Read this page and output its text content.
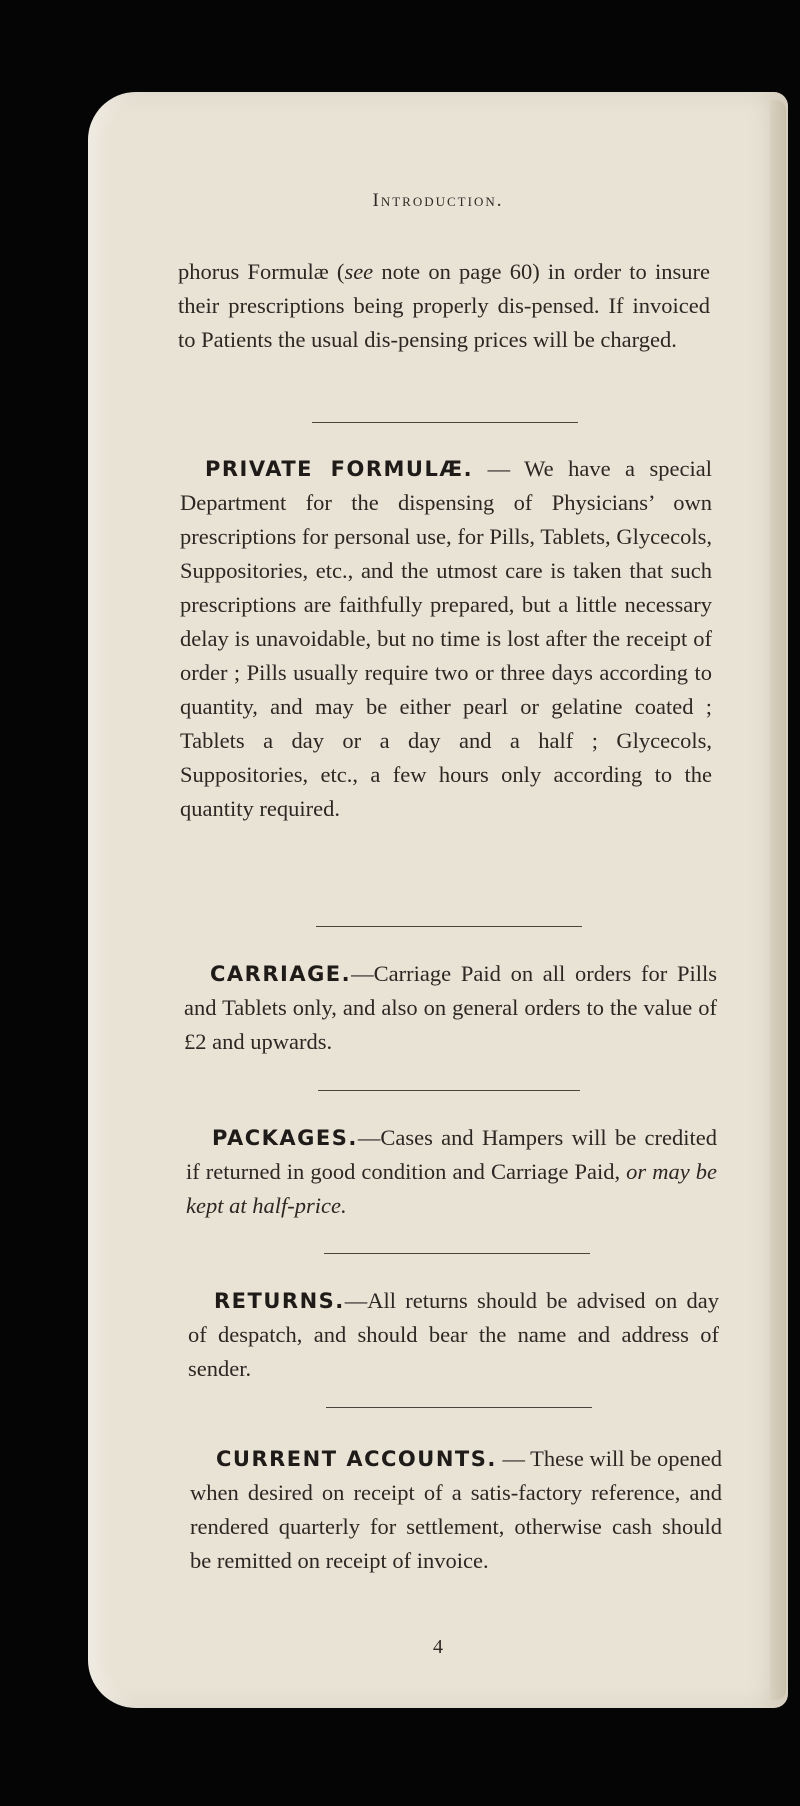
Introduction.

phorus Formulæ (see note on page 60) in order to insure their prescriptions being properly dis-pensed. If invoiced to Patients the usual dis-pensing prices will be charged.

PRIVATE FORMULÆ. — We have a special Department for the dispensing of Physicians’ own prescriptions for personal use, for Pills, Tablets, Glycecols, Suppositories, etc., and the utmost care is taken that such prescriptions are faithfully prepared, but a little necessary delay is unavoidable, but no time is lost after the receipt of order ; Pills usually require two or three days according to quantity, and may be either pearl or gelatine coated ; Tablets a day or a day and a half ; Glycecols, Suppositories, etc., a few hours only according to the quantity required.

CARRIAGE.—Carriage Paid on all orders for Pills and Tablets only, and also on general orders to the value of £2 and upwards.

PACKAGES.—Cases and Hampers will be credited if returned in good condition and Carriage Paid, or may be kept at half-price.

RETURNS.—All returns should be advised on day of despatch, and should bear the name and address of sender.

CURRENT ACCOUNTS. — These will be opened when desired on receipt of a satis-factory reference, and rendered quarterly for settlement, otherwise cash should be remitted on receipt of invoice.

4
